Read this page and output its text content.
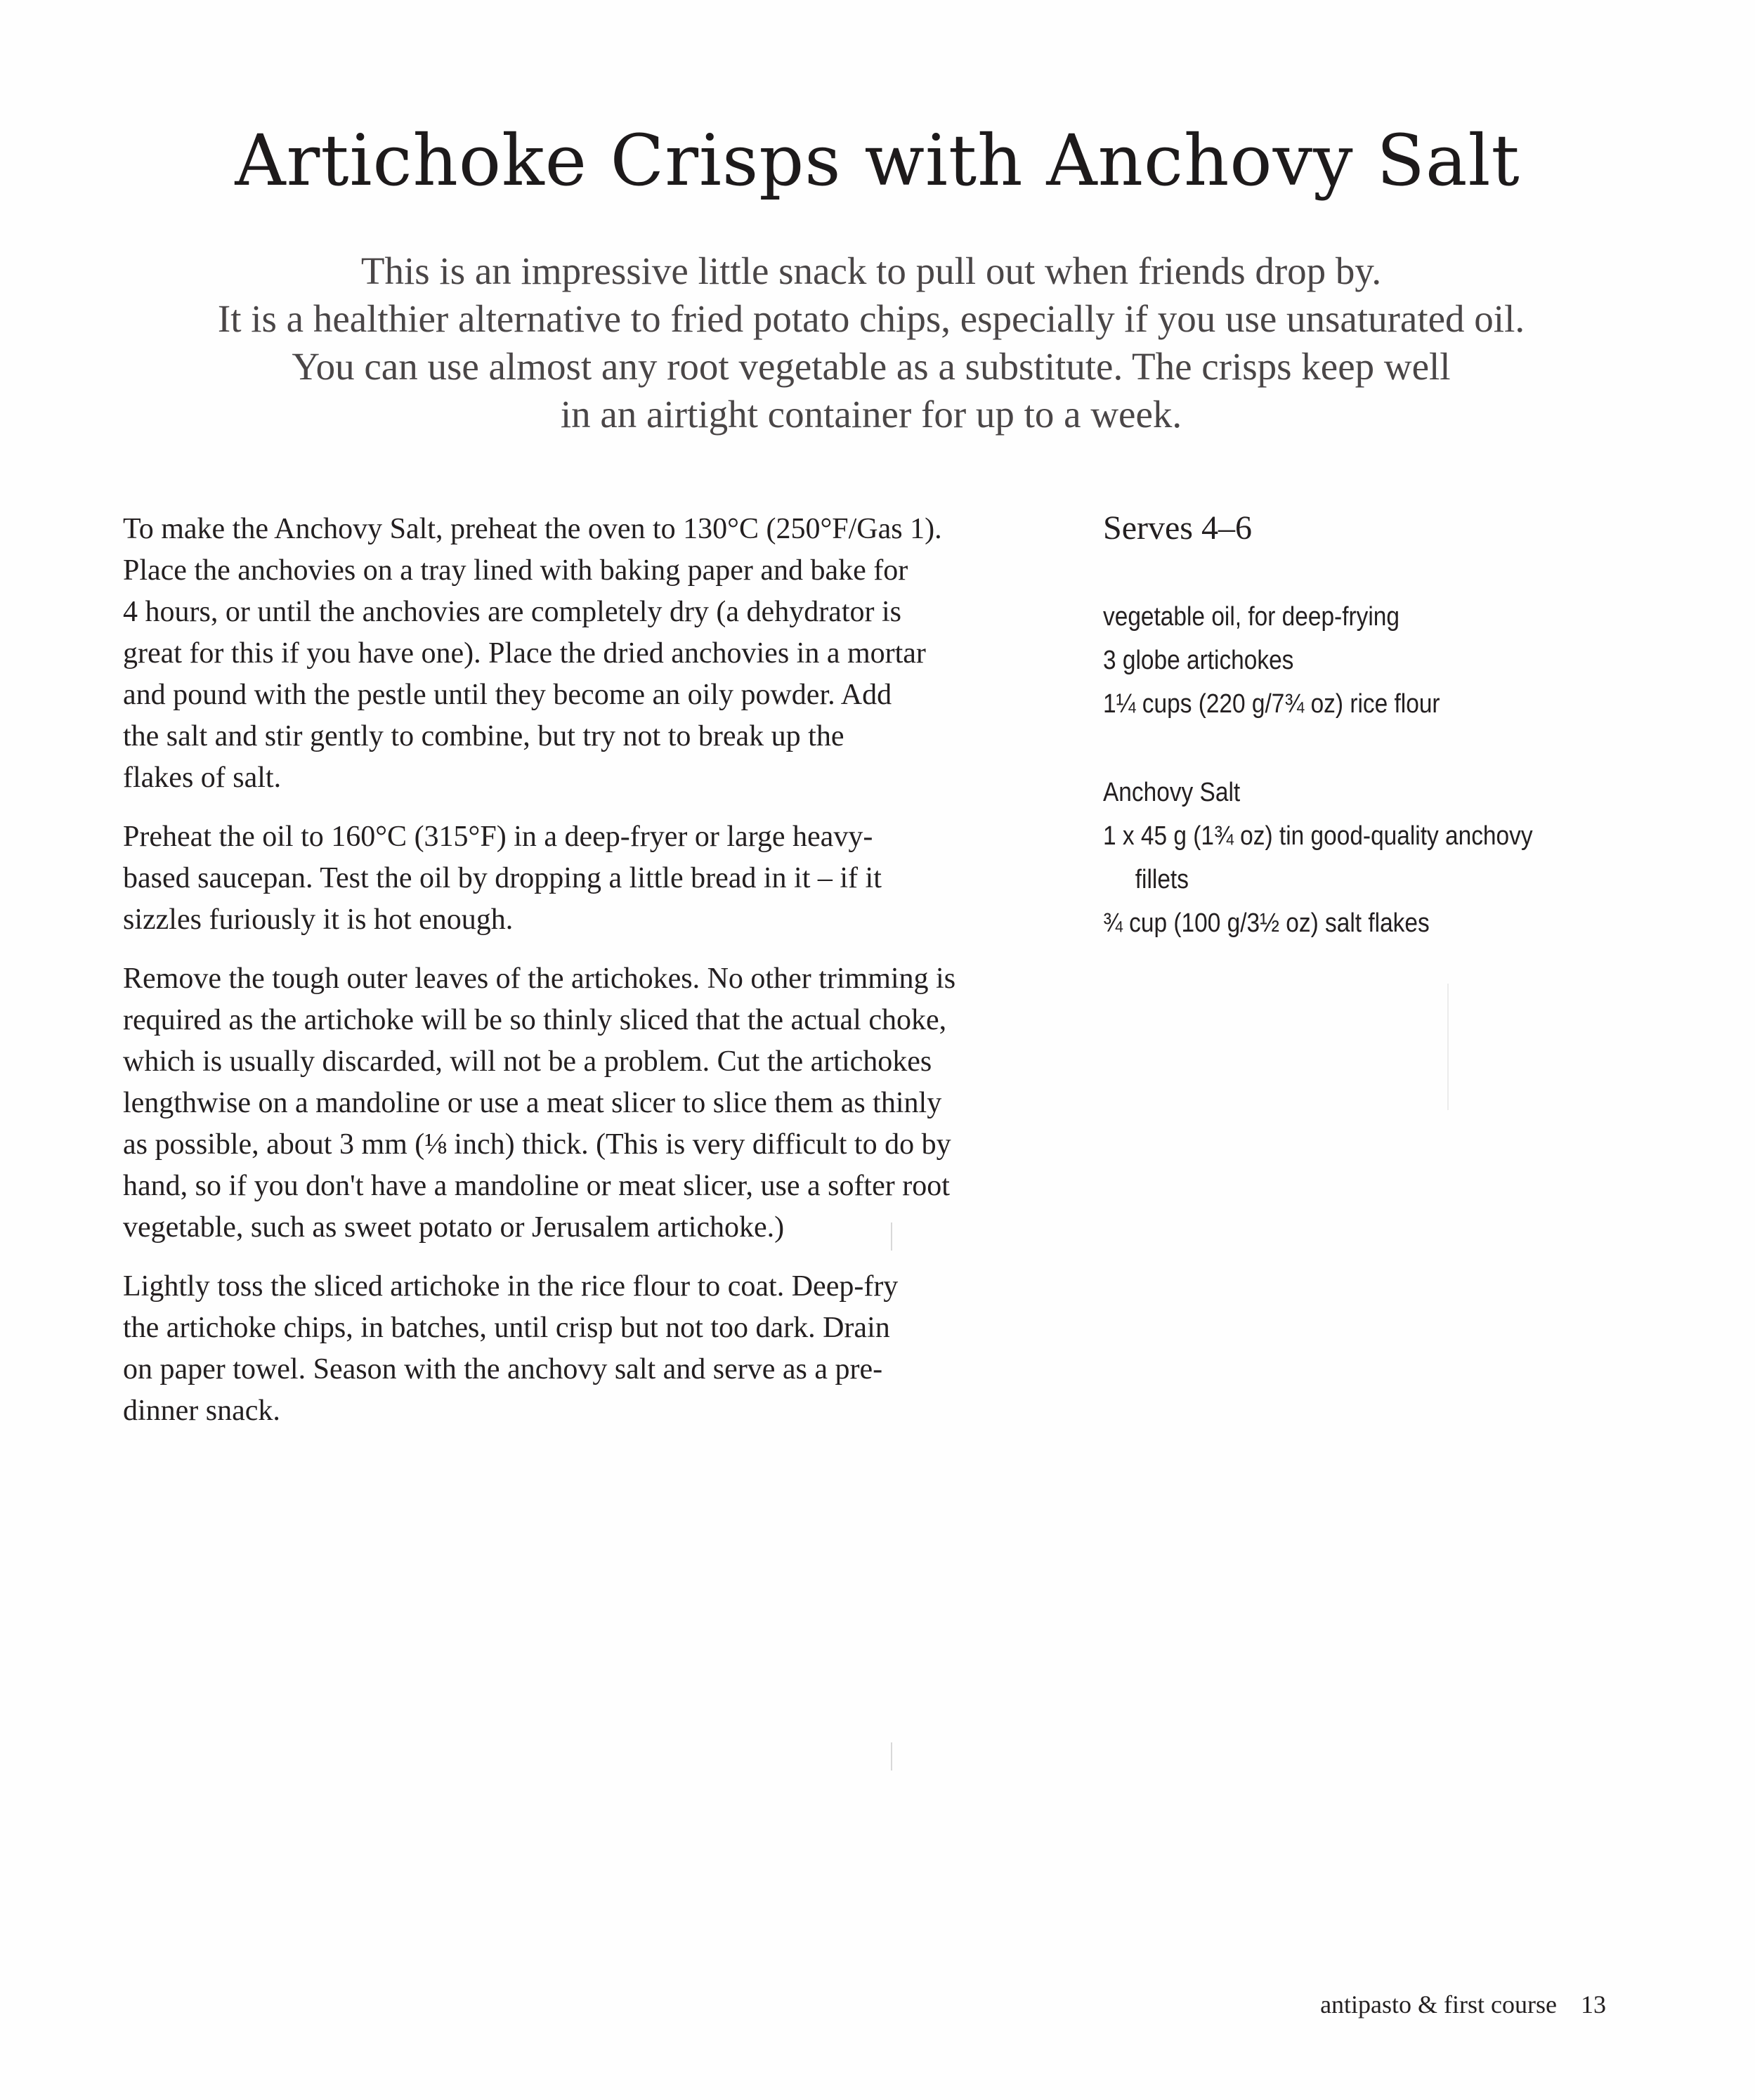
Artichoke Crisps with Anchovy Salt
This is an impressive little snack to pull out when friends drop by.
It is a healthier alternative to fried potato chips, especially if you use unsaturated oil.
You can use almost any root vegetable as a substitute. The crisps keep well
in an airtight container for up to a week.

To make the Anchovy Salt, preheat the oven to 130°C (250°F/Gas 1).
Place the anchovies on a tray lined with baking paper and bake for
4 hours, or until the anchovies are completely dry (a dehydrator is
great for this if you have one). Place the dried anchovies in a mortar
and pound with the pestle until they become an oily powder. Add
the salt and stir gently to combine, but try not to break up the
flakes of salt.

Preheat the oil to 160°C (315°F) in a deep-fryer or large heavy-
based saucepan. Test the oil by dropping a little bread in it – if it
sizzles furiously it is hot enough.

Remove the tough outer leaves of the artichokes. No other trimming is
required as the artichoke will be so thinly sliced that the actual choke,
which is usually discarded, will not be a problem. Cut the artichokes
lengthwise on a mandoline or use a meat slicer to slice them as thinly
as possible, about 3 mm (⅛ inch) thick. (This is very difficult to do by
hand, so if you don't have a mandoline or meat slicer, use a softer root
vegetable, such as sweet potato or Jerusalem artichoke.)

Lightly toss the sliced artichoke in the rice flour to coat. Deep-fry
the artichoke chips, in batches, until crisp but not too dark. Drain
on paper towel. Season with the anchovy salt and serve as a pre-
dinner snack.

Serves 4–6
vegetable oil, for deep-frying
3 globe artichokes
1¼ cups (220 g/7¾ oz) rice flour
Anchovy Salt
1 x 45 g (1¾ oz) tin good-quality anchovy
fillets
¾ cup (100 g/3½ oz) salt flakes
antipasto & first course 13
